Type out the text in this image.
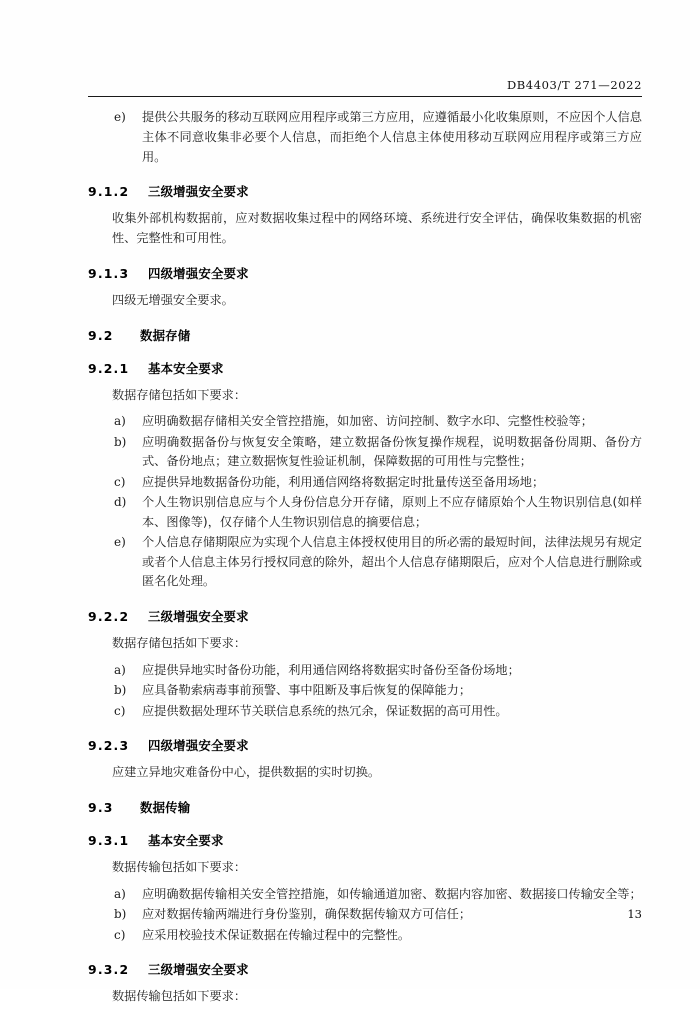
DB4403/T 271—2022
e)	提供公共服务的移动互联网应用程序或第三方应用，应遵循最小化收集原则，不应因个人信息主体不同意收集非必要个人信息，而拒绝个人信息主体使用移动互联网应用程序或第三方应用。
9.1.2 三级增强安全要求
收集外部机构数据前，应对数据收集过程中的网络环境、系统进行安全评估，确保收集数据的机密性、完整性和可用性。
9.1.3 四级增强安全要求
四级无增强安全要求。
9.2 数据存储
9.2.1 基本安全要求
数据存储包括如下要求：
a)	应明确数据存储相关安全管控措施，如加密、访问控制、数字水印、完整性校验等；
b)	应明确数据备份与恢复安全策略，建立数据备份恢复操作规程，说明数据备份周期、备份方式、备份地点；建立数据恢复性验证机制，保障数据的可用性与完整性；
c)	应提供异地数据备份功能，利用通信网络将数据定时批量传送至备用场地；
d)	个人生物识别信息应与个人身份信息分开存储，原则上不应存储原始个人生物识别信息(如样本、图像等)，仅存储个人生物识别信息的摘要信息；
e)	个人信息存储期限应为实现个人信息主体授权使用目的所必需的最短时间，法律法规另有规定或者个人信息主体另行授权同意的除外，超出个人信息存储期限后，应对个人信息进行删除或匿名化处理。
9.2.2 三级增强安全要求
数据存储包括如下要求：
a)	应提供异地实时备份功能，利用通信网络将数据实时备份至备份场地；
b)	应具备勒索病毒事前预警、事中阻断及事后恢复的保障能力；
c)	应提供数据处理环节关联信息系统的热冗余，保证数据的高可用性。
9.2.3 四级增强安全要求
应建立异地灾难备份中心，提供数据的实时切换。
9.3 数据传输
9.3.1 基本安全要求
数据传输包括如下要求：
a)	应明确数据传输相关安全管控措施，如传输通道加密、数据内容加密、数据接口传输安全等；
b)	应对数据传输两端进行身份鉴别，确保数据传输双方可信任；
c)	应采用校验技术保证数据在传输过程中的完整性。
9.3.2 三级增强安全要求
数据传输包括如下要求：
13
